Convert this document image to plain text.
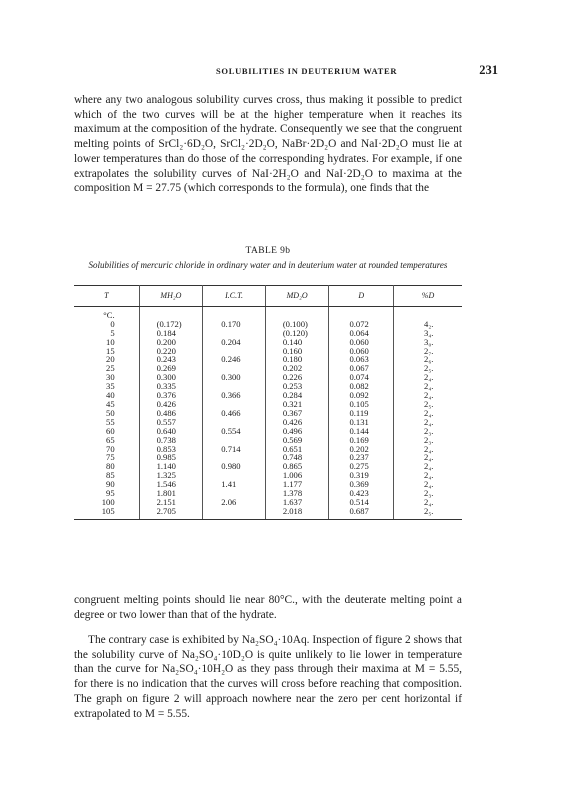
SOLUBILITIES IN DEUTERIUM WATER	231

where any two analogous solubility curves cross, thus making it possible to predict which of the two curves will be at the higher temperature when it reaches its maximum at the composition of the hydrate. Consequently we see that the congruent melting points of SrCl₂·6D₂O, SrCl₂·2D₂O, NaBr·2D₂O and NaI·2D₂O must lie at lower temperatures than do those of the corresponding hydrates. For example, if one extrapolates the solubility curves of NaI·2H₂O and NaI·2D₂O to maxima at the composition M = 27.75 (which corresponds to the formula), one finds that the

TABLE 9b
Solubilities of mercuric chloride in ordinary water and in deuterium water at rounded temperatures
T	MH₂O	I.C.T.	MD₂O	D	%D
°C.					
0	(0.172)	0.170	(0.100)	0.072	4₂.
5	0.184		(0.120)	0.064	3₄.
10	0.200	0.204	0.140	0.060	3₀.
15	0.220		0.160	0.060	2₇.
20	0.243	0.246	0.180	0.063	2₆.
25	0.269		0.202	0.067	2₅.
30	0.300	0.300	0.226	0.074	2₄.
35	0.335		0.253	0.082	2₄.
40	0.376	0.366	0.284	0.092	2₄.
45	0.426		0.321	0.105	2₅.
50	0.486	0.466	0.367	0.119	2₄.
55	0.557		0.426	0.131	2₄.
60	0.640	0.554	0.496	0.144	2₃.
65	0.738		0.569	0.169	2₃.
70	0.853	0.714	0.651	0.202	2₄.
75	0.985		0.748	0.237	2₄.
80	1.140	0.980	0.865	0.275	2₄.
85	1.325		1.006	0.319	2₄.
90	1.546	1.41	1.177	0.369	2₄.
95	1.801		1.378	0.423	2₃.
100	2.151	2.06	1.637	0.514	2₄.
105	2.705		2.018	0.687	2₅.

congruent melting points should lie near 80°C., with the deuterate melting point a degree or two lower than that of the hydrate.

The contrary case is exhibited by Na₂SO₄·10Aq. Inspection of figure 2 shows that the solubility curve of Na₂SO₄·10D₂O is quite unlikely to lie lower in temperature than the curve for Na₂SO₄·10H₂O as they pass through their maxima at M = 5.55, for there is no indication that the curves will cross before reaching that composition. The graph on figure 2 will approach nowhere near the zero per cent horizontal if extrapolated to M = 5.55.
